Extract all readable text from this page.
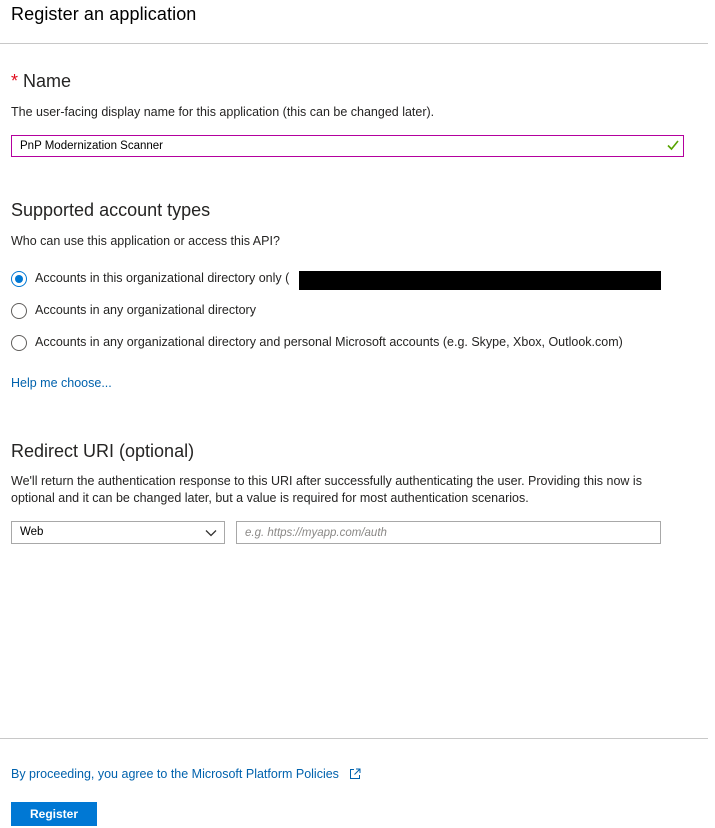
Register an application
* Name
The user-facing display name for this application (this can be changed later).
PnP Modernization Scanner
Supported account types
Who can use this application or access this API?
Accounts in this organizational directory only (
Accounts in any organizational directory
Accounts in any organizational directory and personal Microsoft accounts (e.g. Skype, Xbox, Outlook.com)
Help me choose...
Redirect URI (optional)
We'll return the authentication response to this URI after successfully authenticating the user. Providing this now is optional and it can be changed later, but a value is required for most authentication scenarios.
Web
e.g. https://myapp.com/auth
By proceeding, you agree to the Microsoft Platform Policies
Register
